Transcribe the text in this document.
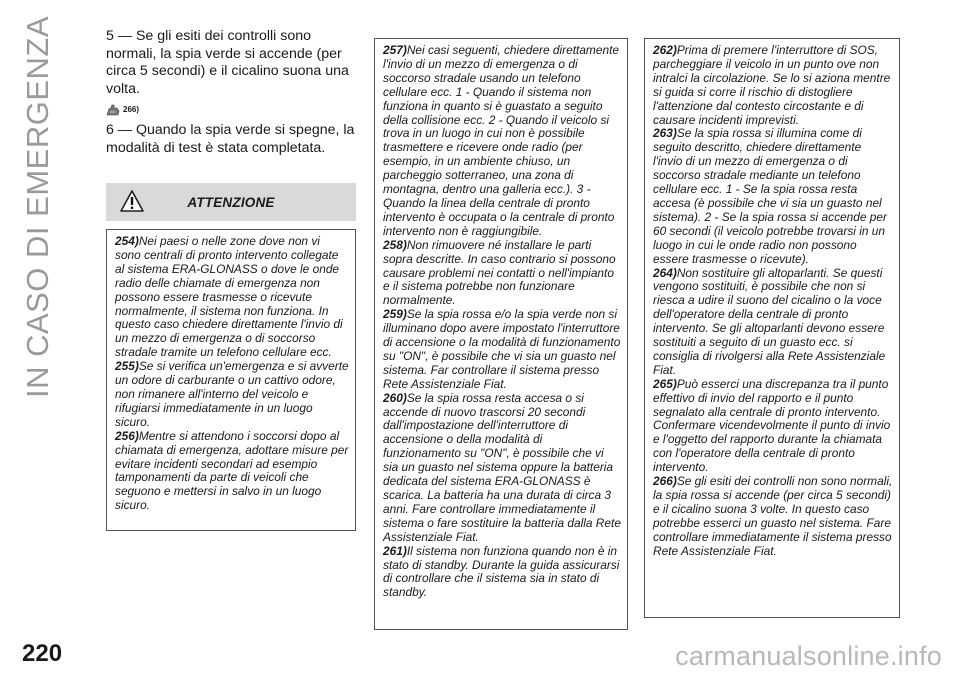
IN CASO DI EMERGENZA	5 — Se gli esiti dei controlli sono normali, la spia verde si accende (per circa 5 secondi) e il cicalino suona una volta.

266)

6 — Quando la spia verde si spegne, la modalità di test è stata completata.

ATTENZIONE

254)Nei paesi o nelle zone dove non vi sono centrali di pronto intervento collegate al sistema ERA-GLONASS o dove le onde radio delle chiamate di emergenza non possono essere trasmesse o ricevute normalmente, il sistema non funziona. In questo caso chiedere direttamente l'invio di un mezzo di emergenza o di soccorso stradale tramite un telefono cellulare ecc.

255)Se si verifica un'emergenza e si avverte un odore di carburante o un cattivo odore, non rimanere all'interno del veicolo e rifugiarsi immediatamente in un luogo sicuro.

256)Mentre si attendono i soccorsi dopo al chiamata di emergenza, adottare misure per evitare incidenti secondari ad esempio tamponamenti da parte di veicoli che seguono e mettersi in salvo in un luogo sicuro.

257)Nei casi seguenti, chiedere direttamente l'invio di un mezzo di emergenza o di soccorso stradale usando un telefono cellulare ecc. 1 - Quando il sistema non funziona in quanto si è guastato a seguito della collisione ecc. 2 - Quando il veicolo si trova in un luogo in cui non è possibile trasmettere e ricevere onde radio (per esempio, in un ambiente chiuso, un parcheggio sotterraneo, una zona di montagna, dentro una galleria ecc.). 3 - Quando la linea della centrale di pronto intervento è occupata o la centrale di pronto intervento non è raggiungibile.

258)Non rimuovere né installare le parti sopra descritte. In caso contrario si possono causare problemi nei contatti o nell'impianto e il sistema potrebbe non funzionare normalmente.

259)Se la spia rossa e/o la spia verde non si illuminano dopo avere impostato l'interruttore di accensione o la modalità di funzionamento su "ON", è possibile che vi sia un guasto nel sistema. Far controllare il sistema presso Rete Assistenziale Fiat.

260)Se la spia rossa resta accesa o si accende di nuovo trascorsi 20 secondi dall'impostazione dell'interruttore di accensione o della modalità di funzionamento su "ON", è possibile che vi sia un guasto nel sistema oppure la batteria dedicata del sistema ERA-GLONASS è scarica. La batteria ha una durata di circa 3 anni. Fare controllare immediatamente il sistema o fare sostituire la batteria dalla Rete Assistenziale Fiat.

261)Il sistema non funziona quando non è in stato di standby. Durante la guida assicurarsi di controllare che il sistema sia in stato di standby.

262)Prima di premere l'interruttore di SOS, parcheggiare il veicolo in un punto ove non intralci la circolazione. Se lo si aziona mentre si guida si corre il rischio di distogliere l'attenzione dal contesto circostante e di causare incidenti imprevisti.

263)Se la spia rossa si illumina come di seguito descritto, chiedere direttamente l'invio di un mezzo di emergenza o di soccorso stradale mediante un telefono cellulare ecc. 1 - Se la spia rossa resta accesa (è possibile che vi sia un guasto nel sistema). 2 - Se la spia rossa si accende per 60 secondi (il veicolo potrebbe trovarsi in un luogo in cui le onde radio non possono essere trasmesse o ricevute).

264)Non sostituire gli altoparlanti. Se questi vengono sostituiti, è possibile che non si riesca a udire il suono del cicalino o la voce dell'operatore della centrale di pronto intervento. Se gli altoparlanti devono essere sostituiti a seguito di un guasto ecc. si consiglia di rivolgersi alla Rete Assistenziale Fiat.

265)Può esserci una discrepanza tra il punto effettivo di invio del rapporto e il punto segnalato alla centrale di pronto intervento. Confermare vicendevolmente il punto di invio e l'oggetto del rapporto durante la chiamata con l'operatore della centrale di pronto intervento.

266)Se gli esiti dei controlli non sono normali, la spia rossa si accende (per circa 5 secondi) e il cicalino suona 3 volte. In questo caso potrebbe esserci un guasto nel sistema. Fare controllare immediatamente il sistema presso Rete Assistenziale Fiat.

220	carmanualsonline.info
